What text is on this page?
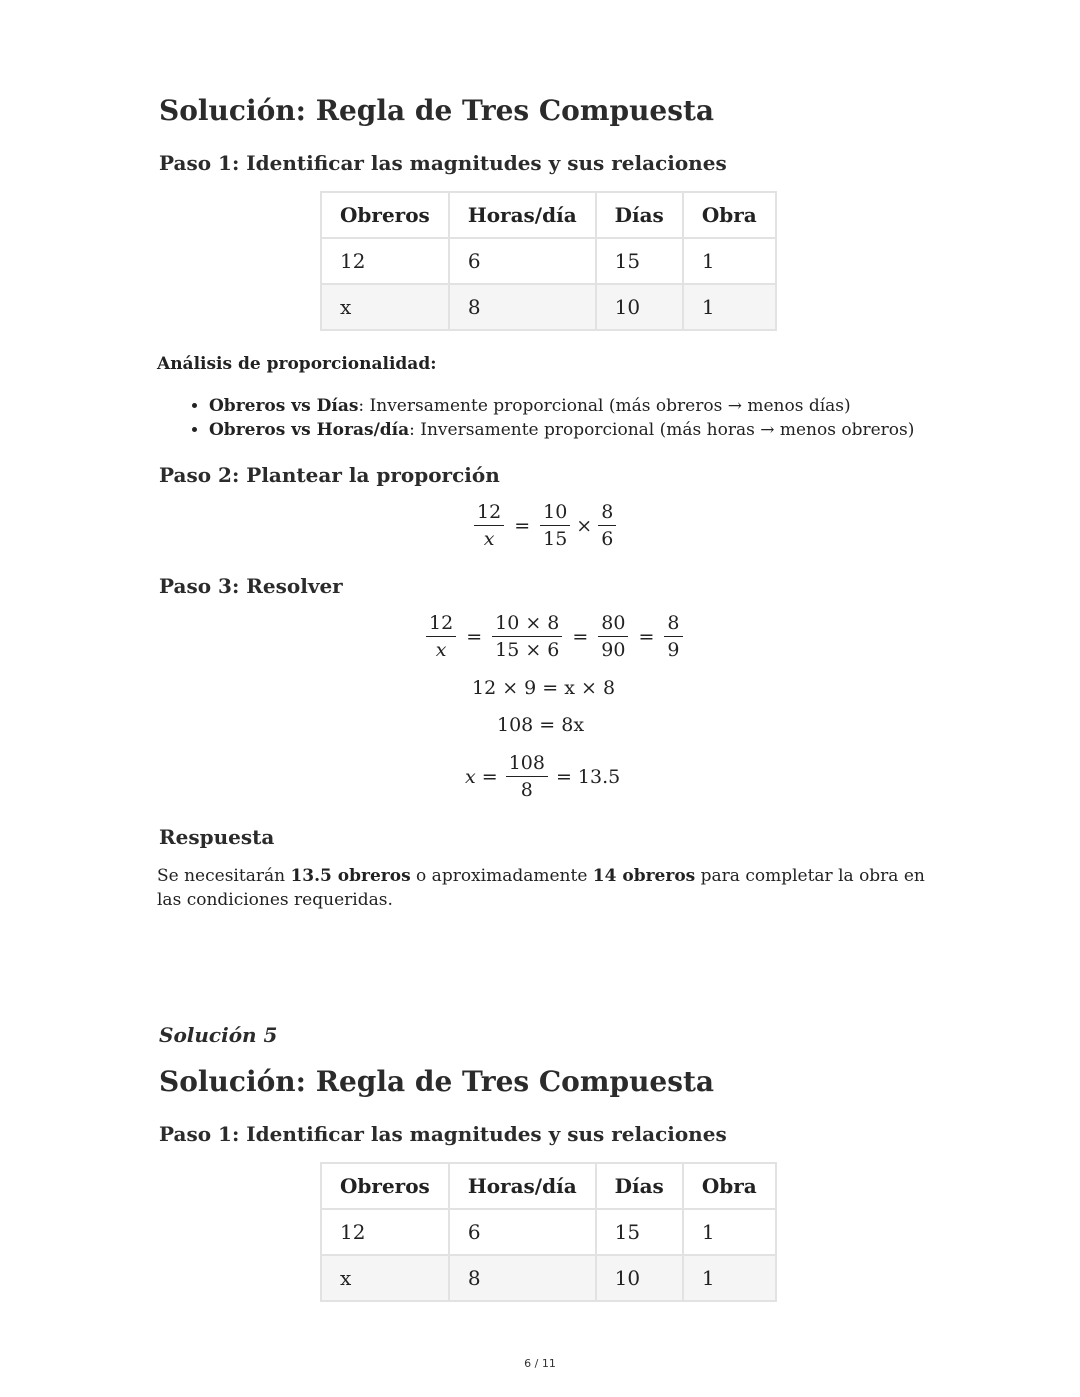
Solución: Regla de Tres Compuesta
Paso 1: Identificar las magnitudes y sus relaciones
Obreros	Horas/día	Días	Obra
12	6	15	1
x	8	10	1
Análisis de proporcionalidad:
• Obreros vs Días: Inversamente proporcional (más obreros → menos días)
• Obreros vs Horas/día: Inversamente proporcional (más horas → menos obreros)
Paso 2: Plantear la proporción
$\frac{12}{x} = \frac{10}{15} \times \frac{8}{6}$
Paso 3: Resolver
$\frac{12}{x} = \frac{10 \times 8}{15 \times 6} = \frac{80}{90} = \frac{8}{9}$
12 × 9 = x × 8
108 = 8x
$x = \frac{108}{8} = 13.5$
Respuesta

Se necesitarán 13.5 obreros o aproximadamente 14 obreros para completar la obra en las condiciones requeridas.

Solución 5
Solución: Regla de Tres Compuesta
Paso 1: Identificar las magnitudes y sus relaciones
Obreros	Horas/día	Días	Obra
12	6	15	1
x	8	10	1
6 / 11
